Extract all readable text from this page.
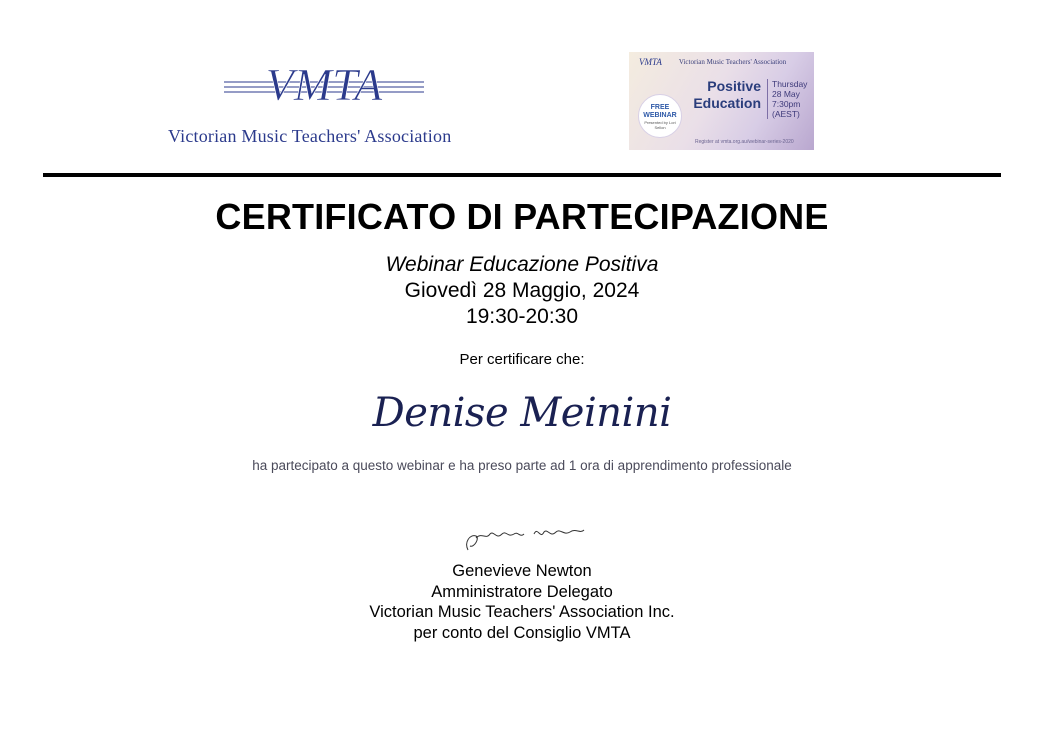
VMTA
Victorian Music Teachers' Association
VMTA	Victorian Music Teachers' Association
Positive
Education
Thursday
28 May
7:30pm
(AEST)
FREE
WEBINAR
Presented by Lori Sellon
Register at vmta.org.au/webinar-series-2020
CERTIFICATO DI PARTECIPAZIONE
Webinar Educazione Positiva
Giovedì 28 Maggio, 2024
19:30-20:30
Per certificare che:
Denise Meinini
ha partecipato a questo webinar e ha preso parte ad 1 ora di apprendimento professionale
Genevieve Newton
Amministratore Delegato
Victorian Music Teachers' Association Inc.
per conto del Consiglio VMTA
